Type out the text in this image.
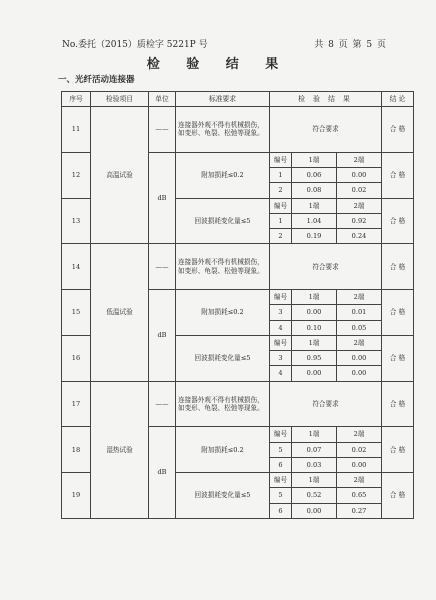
No.委托（2015）质检字 5221P 号	共 8 页 第 5 页
检 验 结 果
一、光纤活动连接器
序号	检验项目	单位	标准要求	检 验 结 果			结 论
11	高温试验	——	连接器外观不得有机械损伤，如变形、龟裂、松弛等现象。	符合要求			合 格
12		dB	附加损耗≤0.2	编号	1端	2端	合 格
				1	0.06	0.00	
				2	0.08	0.02	
13			回波损耗变化量≤5	编号	1端	2端	合 格
				1	1.04	0.92	
				2	0.19	0.24	
14	低温试验	——	连接器外观不得有机械损伤，如变形、龟裂、松弛等现象。	符合要求			合 格
15		dB	附加损耗≤0.2	编号	1端	2端	合 格
				3	0.00	0.01	
				4	0.10	0.05	
16			回波损耗变化量≤5	编号	1端	2端	合 格
				3	0.95	0.00	
				4	0.00	0.00	
17	湿热试验	——	连接器外观不得有机械损伤，如变形、龟裂、松弛等现象。	符合要求			合 格
18		dB	附加损耗≤0.2	编号	1端	2端	合 格
				5	0.07	0.02	
				6	0.03	0.00	
19			回波损耗变化量≤5	编号	1端	2端	合 格
				5	0.52	0.65	
				6	0.00	0.27	
